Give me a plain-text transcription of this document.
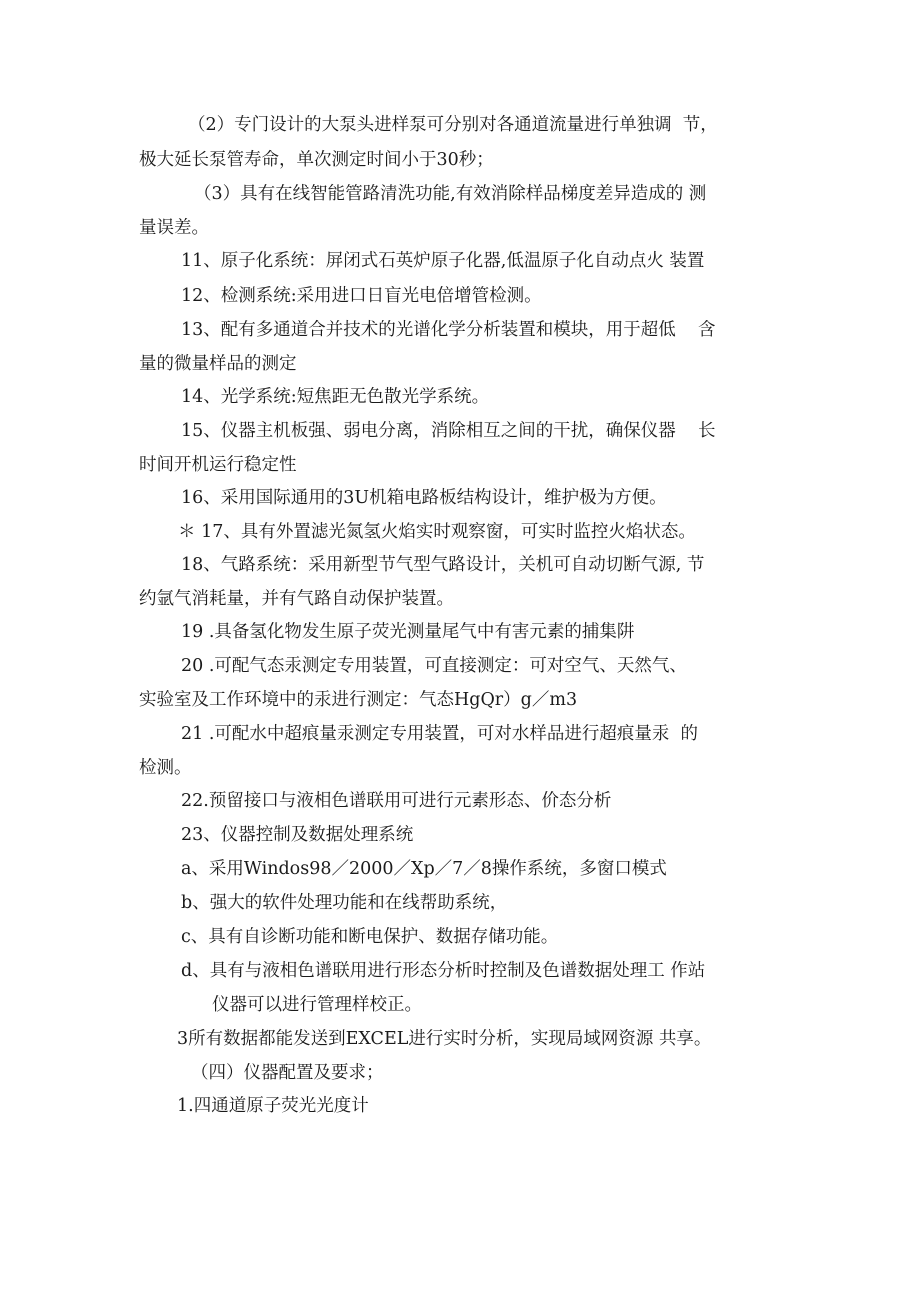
（2）专门设计的大泵头进样泵可分别对各通道流量进行单独调  节，
极大延长泵管寿命，单次测定时间小于30秒；
（3）具有在线智能管路清洗功能,有效消除样品梯度差异造成的 测
量误差。
11、原子化系统：屏闭式石英炉原子化器,低温原子化自动点火 装置
12、检测系统:采用进口日盲光电倍增管检测。
13、配有多通道合并技术的光谱化学分析装置和模块，用于超低    含
量的微量样品的测定
14、光学系统:短焦距无色散光学系统。
15、仪器主机板强、弱电分离，消除相互之间的干扰，确保仪器    长
时间开机运行稳定性
16、采用国际通用的3U机箱电路板结构设计，维护极为方便。
＊ 17、具有外置滤光氮氢火焰实时观察窗，可实时监控火焰状态。
18、气路系统：采用新型节气型气路设计，关机可自动切断气源, 节
约氩气消耗量，并有气路自动保护装置。
19 .具备氢化物发生原子荧光测量尾气中有害元素的捕集阱
20 .可配气态汞测定专用装置，可直接测定：可对空气、天然气、
实验室及工作环境中的汞进行测定：气态HgQr）g／m3
21 .可配水中超痕量汞测定专用装置，可对水样品进行超痕量汞  的
检测。
22.预留接口与液相色谱联用可进行元素形态、价态分析
23、仪器控制及数据处理系统
a、采用Windos98／2000／Xp／7／8操作系统，多窗口模式
b、强大的软件处理功能和在线帮助系统，
c、具有自诊断功能和断电保护、数据存储功能。
d、具有与液相色谱联用进行形态分析时控制及色谱数据处理工 作站
仪器可以进行管理样校正。
3所有数据都能发送到EXCEL进行实时分析，实现局域网资源 共享。
（四）仪器配置及要求；
1.四通道原子荧光光度计
